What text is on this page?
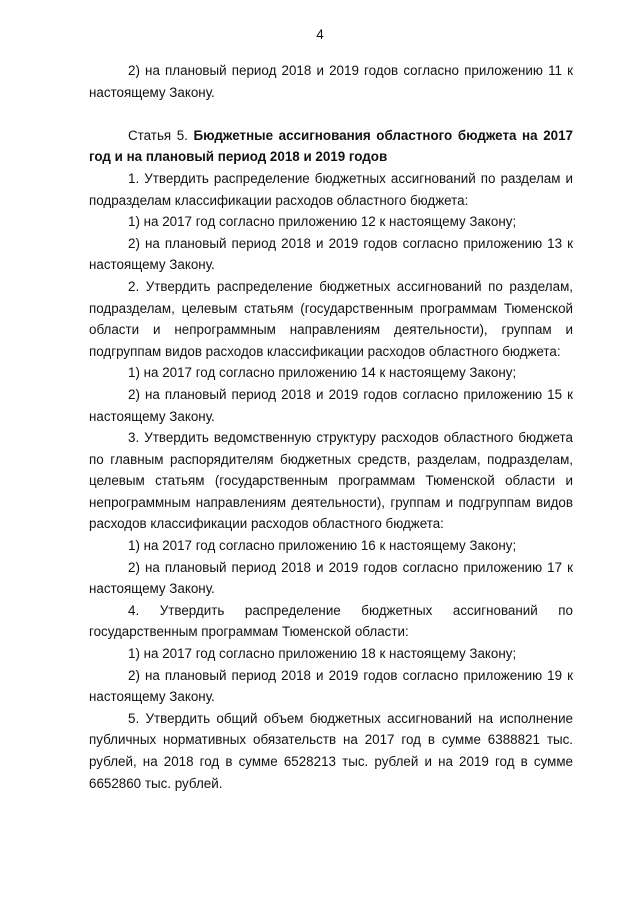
4

2) на плановый период 2018 и 2019 годов согласно приложению 11 к настоящему Закону.

Статья 5. Бюджетные ассигнования областного бюджета на 2017 год и на плановый период 2018 и 2019 годов

1. Утвердить распределение бюджетных ассигнований по разделам и подразделам классификации расходов областного бюджета:

1) на 2017 год согласно приложению 12 к настоящему Закону;

2) на плановый период 2018 и 2019 годов согласно приложению 13 к настоящему Закону.

2. Утвердить распределение бюджетных ассигнований по разделам, подразделам, целевым статьям (государственным программам Тюменской области и непрограммным направлениям деятельности), группам и подгруппам видов расходов классификации расходов областного бюджета:

1) на 2017 год согласно приложению 14 к настоящему Закону;

2) на плановый период 2018 и 2019 годов согласно приложению 15 к настоящему Закону.

3. Утвердить ведомственную структуру расходов областного бюджета по главным распорядителям бюджетных средств, разделам, подразделам, целевым статьям (государственным программам Тюменской области и непрограммным направлениям деятельности), группам и подгруппам видов расходов классификации расходов областного бюджета:

1) на 2017 год согласно приложению 16 к настоящему Закону;

2) на плановый период 2018 и 2019 годов согласно приложению 17 к настоящему Закону.

4. Утвердить распределение бюджетных ассигнований по государственным программам Тюменской области:

1) на 2017 год согласно приложению 18 к настоящему Закону;

2) на плановый период 2018 и 2019 годов согласно приложению 19 к настоящему Закону.

5. Утвердить общий объем бюджетных ассигнований на исполнение публичных нормативных обязательств на 2017 год в сумме 6388821 тыс. рублей, на 2018 год в сумме 6528213 тыс. рублей и на 2019 год в сумме 6652860 тыс. рублей.
